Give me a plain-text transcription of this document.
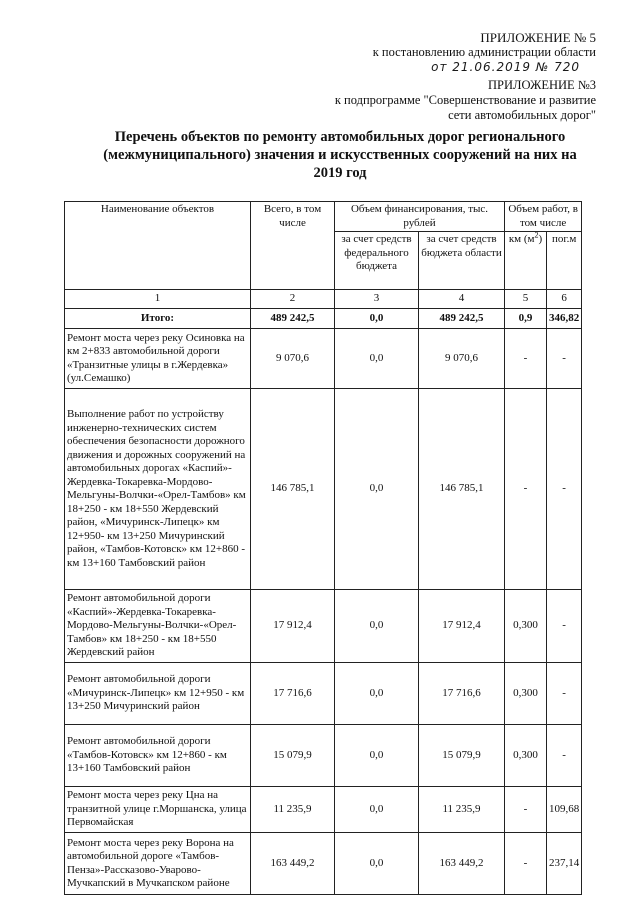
ПРИЛОЖЕНИЕ № 5
к постановлению администрации области
от 21.06.2019 № 720
ПРИЛОЖЕНИЕ №3
к подпрограмме "Совершенствование и развитие
сети автомобильных дорог"
Перечень объектов по ремонту автомобильных дорог регионального
(межмуниципального) значения и искусственных сооружений на них на
2019 год
Наименование объектов	Всего, в том числе	Объем финансирования, тыс. рублей		Объем работ, в том числе	
		за счет средств федерального бюджета	за счет средств бюджета области	км $(м^2)$	пог.м
1	2	3	4	5	6
Итого:	489 242,5	0,0	489 242,5	0,9	346,82
Ремонт моста через реку Осиновка на км 2+833 автомобильной дороги «Транзитные улицы в г.Жердевка» (ул.Семашко)	9 070,6	0,0	9 070,6	-	-
Выполнение работ по устройству инженерно-технических систем обеспечения безопасности дорожного движения и дорожных сооружений на автомобильных дорогах «Каспий»-Жердевка-Токаревка-Мордово-Мельгуны-Волчки-«Орел-Тамбов» км 18+250 - км 18+550 Жердевский район, «Мичуринск-Липецк» км 12+950- км 13+250 Мичуринский район, «Тамбов-Котовск» км 12+860 - км 13+160 Тамбовский район	146 785,1	0,0	146 785,1	-	-
Ремонт автомобильной дороги «Каспий»-Жердевка-Токаревка-Мордово-Мельгуны-Волчки-«Орел-Тамбов» км 18+250 - км 18+550 Жердевский район	17 912,4	0,0	17 912,4	0,300	-
Ремонт автомобильной дороги «Мичуринск-Липецк» км 12+950 - км 13+250 Мичуринский район	17 716,6	0,0	17 716,6	0,300	-
Ремонт автомобильной дороги «Тамбов-Котовск» км 12+860 - км 13+160 Тамбовский район	15 079,9	0,0	15 079,9	0,300	-
Ремонт моста через реку Цна на транзитной улице г.Моршанска, улица Первомайская	11 235,9	0,0	11 235,9	-	109,68
Ремонт моста через реку Ворона на автомобильной дороге «Тамбов-Пенза»-Рассказово-Уварово-Мучкапский в Мучкапском районе	163 449,2	0,0	163 449,2	-	237,14
